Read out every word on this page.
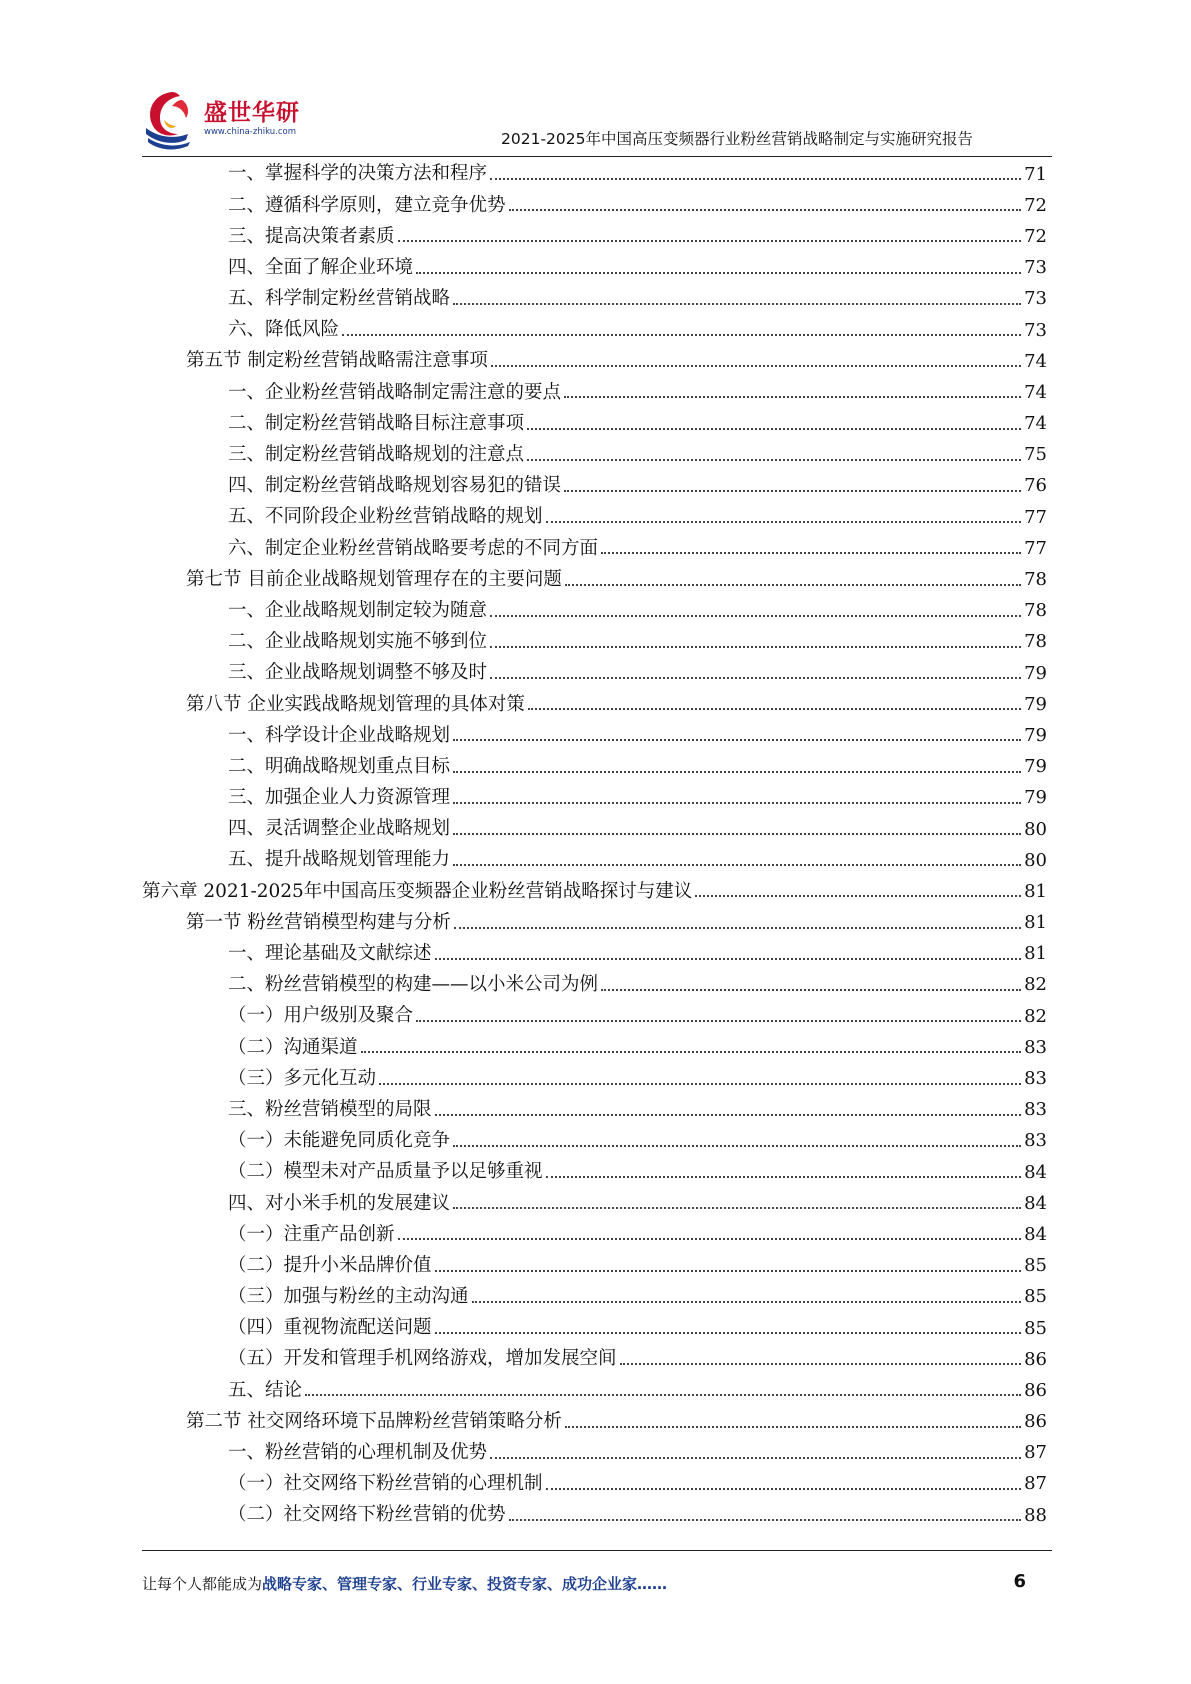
盛世华研
www.china-zhiku.com	2021-2025年中国高压变频器行业粉丝营销战略制定与实施研究报告
一、掌握科学的决策方法和程序	71
二、遵循科学原则，建立竞争优势	72
三、提高决策者素质	72
四、全面了解企业环境	73
五、科学制定粉丝营销战略	73
六、降低风险	73
第五节 制定粉丝营销战略需注意事项	74
一、企业粉丝营销战略制定需注意的要点	74
二、制定粉丝营销战略目标注意事项	74
三、制定粉丝营销战略规划的注意点	75
四、制定粉丝营销战略规划容易犯的错误	76
五、不同阶段企业粉丝营销战略的规划	77
六、制定企业粉丝营销战略要考虑的不同方面	77
第七节 目前企业战略规划管理存在的主要问题	78
一、企业战略规划制定较为随意	78
二、企业战略规划实施不够到位	78
三、企业战略规划调整不够及时	79
第八节 企业实践战略规划管理的具体对策	79
一、科学设计企业战略规划	79
二、明确战略规划重点目标	79
三、加强企业人力资源管理	79
四、灵活调整企业战略规划	80
五、提升战略规划管理能力	80
第六章 2021-2025年中国高压变频器企业粉丝营销战略探讨与建议	81
第一节 粉丝营销模型构建与分析	81
一、理论基础及文献综述	81
二、粉丝营销模型的构建——以小米公司为例	82
（一）用户级别及聚合	82
（二）沟通渠道	83
（三）多元化互动	83
三、粉丝营销模型的局限	83
（一）未能避免同质化竞争	83
（二）模型未对产品质量予以足够重视	84
四、对小米手机的发展建议	84
（一）注重产品创新	84
（二）提升小米品牌价值	85
（三）加强与粉丝的主动沟通	85
（四）重视物流配送问题	85
（五）开发和管理手机网络游戏，增加发展空间	86
五、结论	86
第二节 社交网络环境下品牌粉丝营销策略分析	86
一、粉丝营销的心理机制及优势	87
（一）社交网络下粉丝营销的心理机制	87
（二）社交网络下粉丝营销的优势	88
让每个人都能成为战略专家、管理专家、行业专家、投资专家、成功企业家……	6
